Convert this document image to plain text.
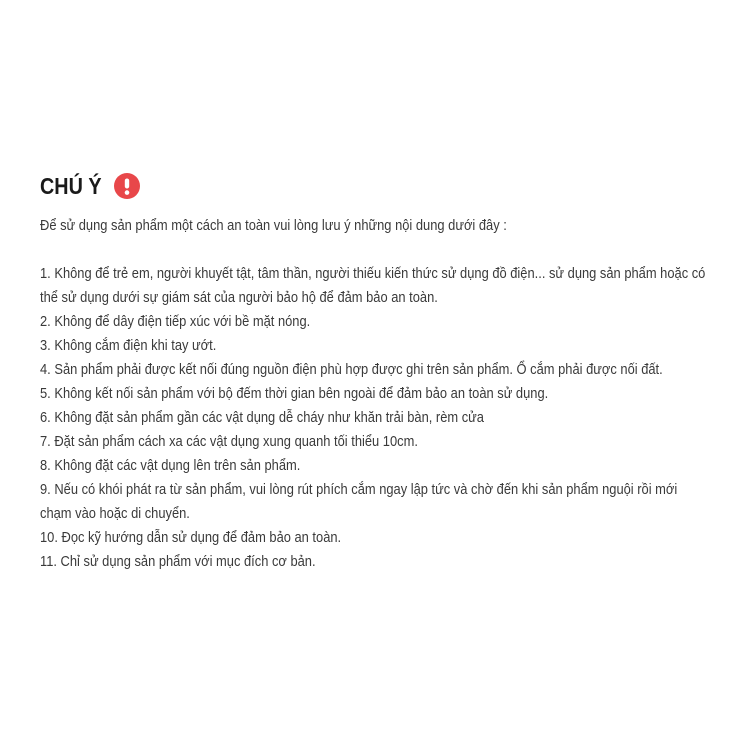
CHÚ Ý
Để sử dụng sản phẩm một cách an toàn vui lòng lưu ý những nội dung dưới đây :

1. Không để trẻ em, người khuyết tật, tâm thần, người thiếu kiến thức sử dụng đồ điện... sử dụng sản phẩm hoặc có thể sử dụng dưới sự giám sát của người bảo hộ để đảm bảo an toàn.

2. Không để dây điện tiếp xúc với bề mặt nóng.

3. Không cắm điện khi tay ướt.

4. Sản phẩm phải được kết nối đúng nguồn điện phù hợp được ghi trên sản phẩm. Ổ cắm phải được nối đất.

5. Không kết nối sản phẩm với bộ đếm thời gian bên ngoài để đảm bảo an toàn sử dụng.

6. Không đặt sản phẩm gần các vật dụng dễ cháy như khăn trải bàn, rèm cửa

7. Đặt sản phẩm cách xa các vật dụng xung quanh tối thiểu 10cm.

8. Không đặt các vật dụng lên trên sản phẩm.

9. Nếu có khói phát ra từ sản phẩm, vui lòng rút phích cắm ngay lập tức và chờ đến khi sản phẩm nguội rồi mới chạm vào hoặc di chuyển.

10. Đọc kỹ hướng dẫn sử dụng để đảm bảo an toàn.

11. Chỉ sử dụng sản phẩm với mục đích cơ bản.
